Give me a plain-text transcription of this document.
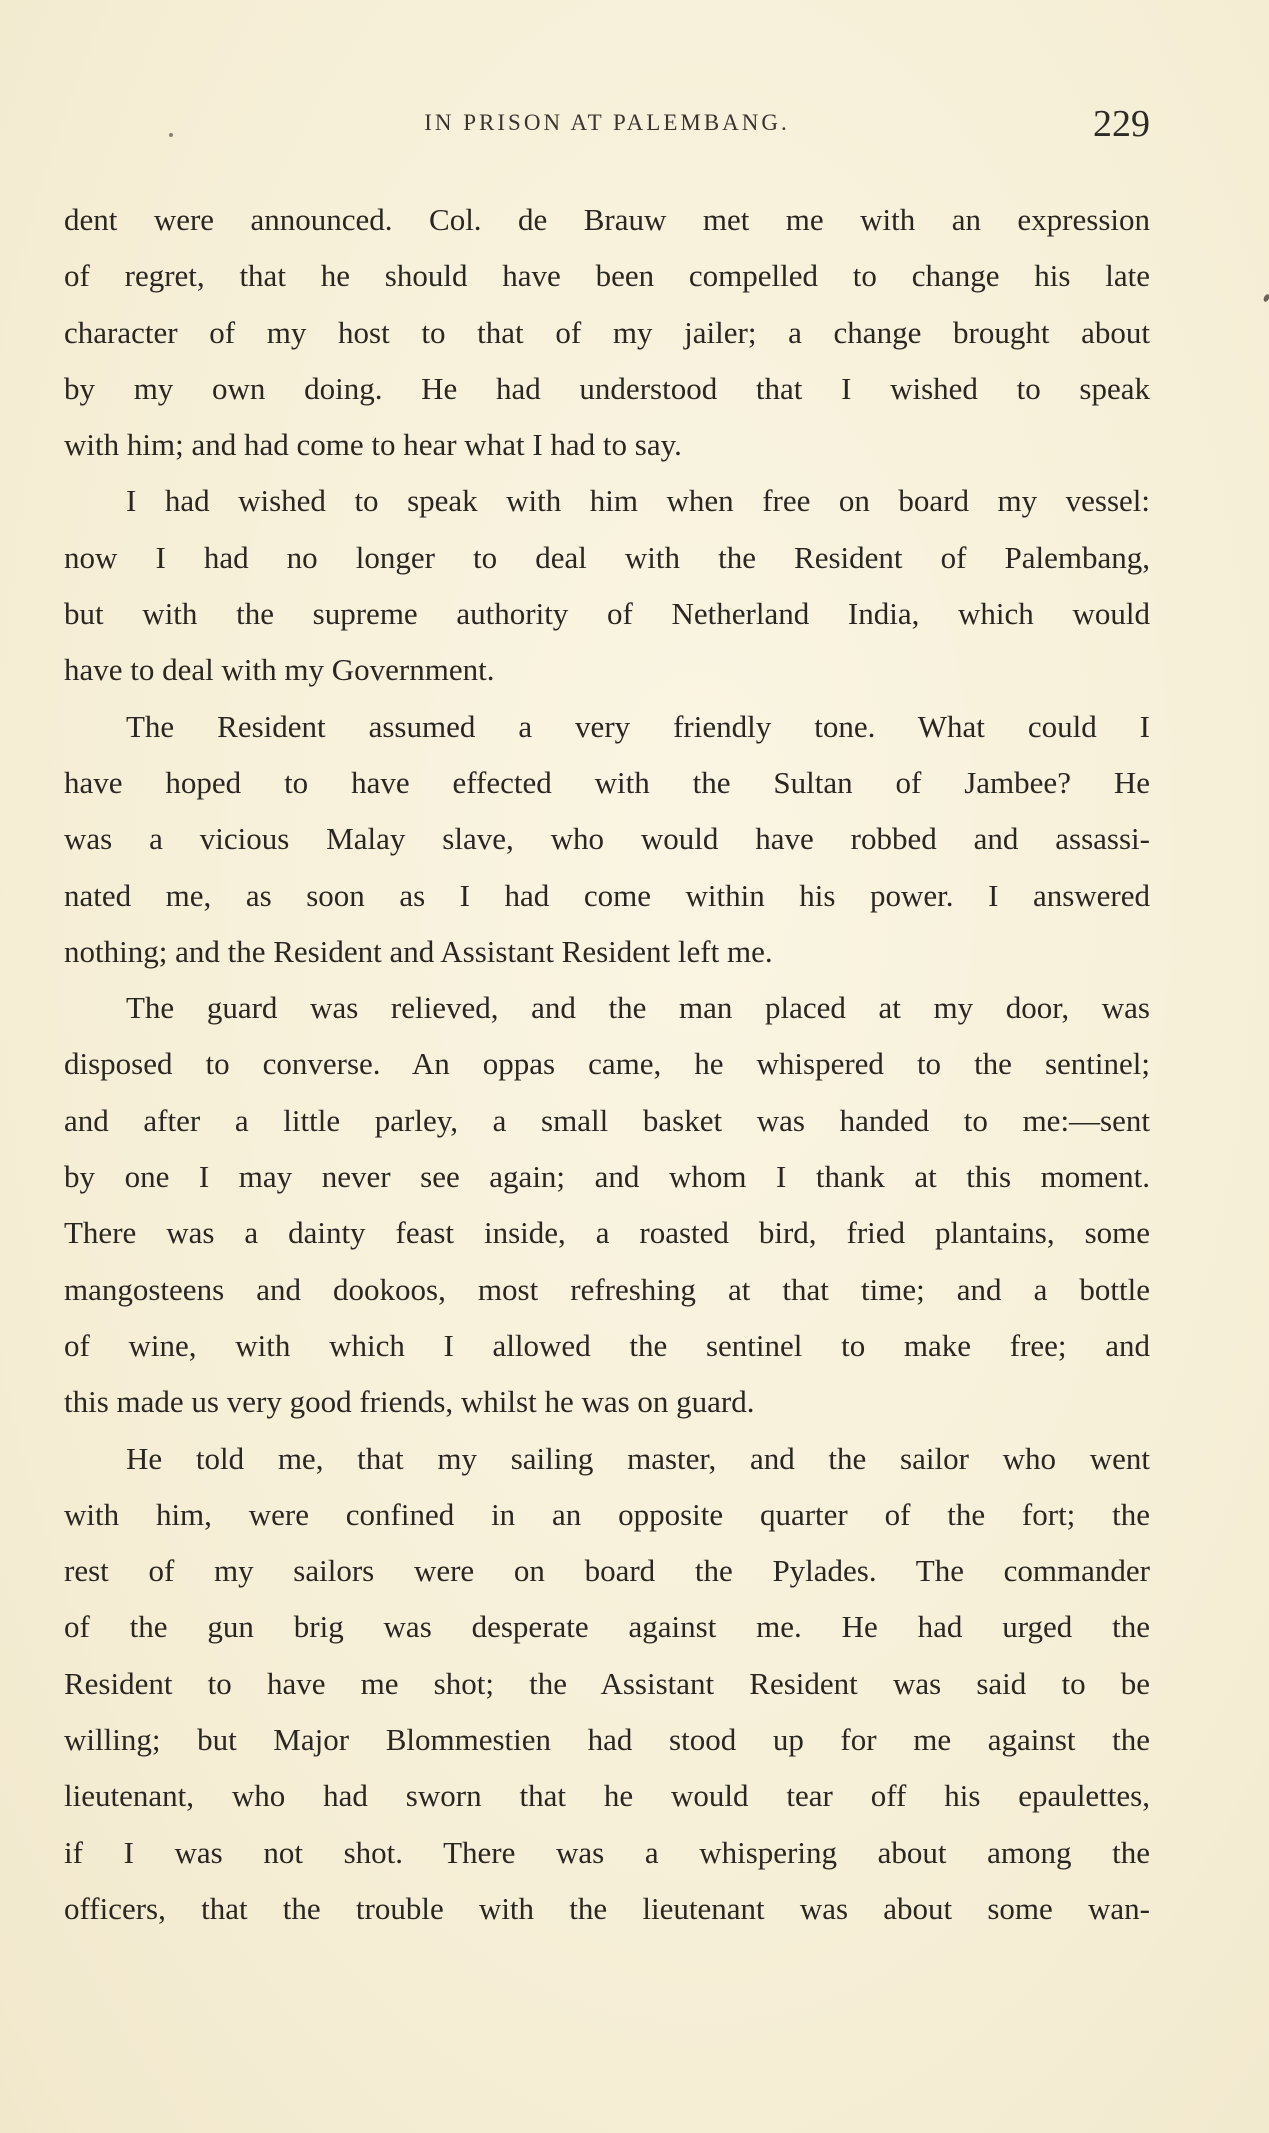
IN PRISON AT PALEMBANG.	229
dent were announced. Col. de Brauw met me with an expression
of regret, that he should have been compelled to change his late
character of my host to that of my jailer; a change brought about
by my own doing. He had understood that I wished to speak
with him; and had come to hear what I had to say.
I had wished to speak with him when free on board my vessel:
now I had no longer to deal with the Resident of Palembang,
but with the supreme authority of Netherland India, which would
have to deal with my Government.
The Resident assumed a very friendly tone. What could I
have hoped to have effected with the Sultan of Jambee? He
was a vicious Malay slave, who would have robbed and assassi-
nated me, as soon as I had come within his power. I answered
nothing; and the Resident and Assistant Resident left me.
The guard was relieved, and the man placed at my door, was
disposed to converse. An oppas came, he whispered to the sentinel;
and after a little parley, a small basket was handed to me:—sent
by one I may never see again; and whom I thank at this moment.
There was a dainty feast inside, a roasted bird, fried plantains, some
mangosteens and dookoos, most refreshing at that time; and a bottle
of wine, with which I allowed the sentinel to make free; and
this made us very good friends, whilst he was on guard.
He told me, that my sailing master, and the sailor who went
with him, were confined in an opposite quarter of the fort; the
rest of my sailors were on board the Pylades. The commander
of the gun brig was desperate against me. He had urged the
Resident to have me shot; the Assistant Resident was said to be
willing; but Major Blommestien had stood up for me against the
lieutenant, who had sworn that he would tear off his epaulettes,
if I was not shot. There was a whispering about among the
officers, that the trouble with the lieutenant was about some wan-
